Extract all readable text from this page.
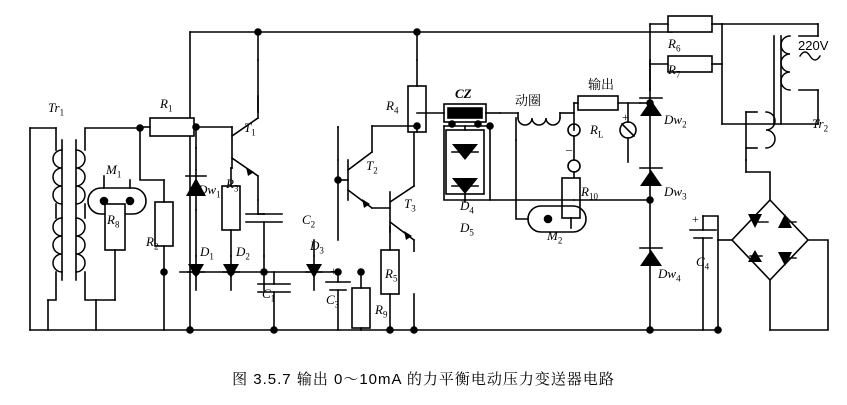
$Tr_1$
$Tr_2$
$M_1$
$M_2$
$R_1$
$R_2$
$R_3$
$R_4$
$R_5$
$R_6$
$R_7$
$R_8$
$R_9$
$R_{10}$
$R_L$
$C_1$
$C_2$
$C_3$
$C_4$
$T_1$
$T_2$
$T_3$
$D_1$ $D_2$
$D_3$
$D_4$
$D_5$
$Dw_1$
$Dw_2$
$Dw_3$
$Dw_4$
220V
输出
动圈
CZ
+
+
+
–
图 3.5.7 输出 0～10mA 的力平衡电动压力变送器电路
